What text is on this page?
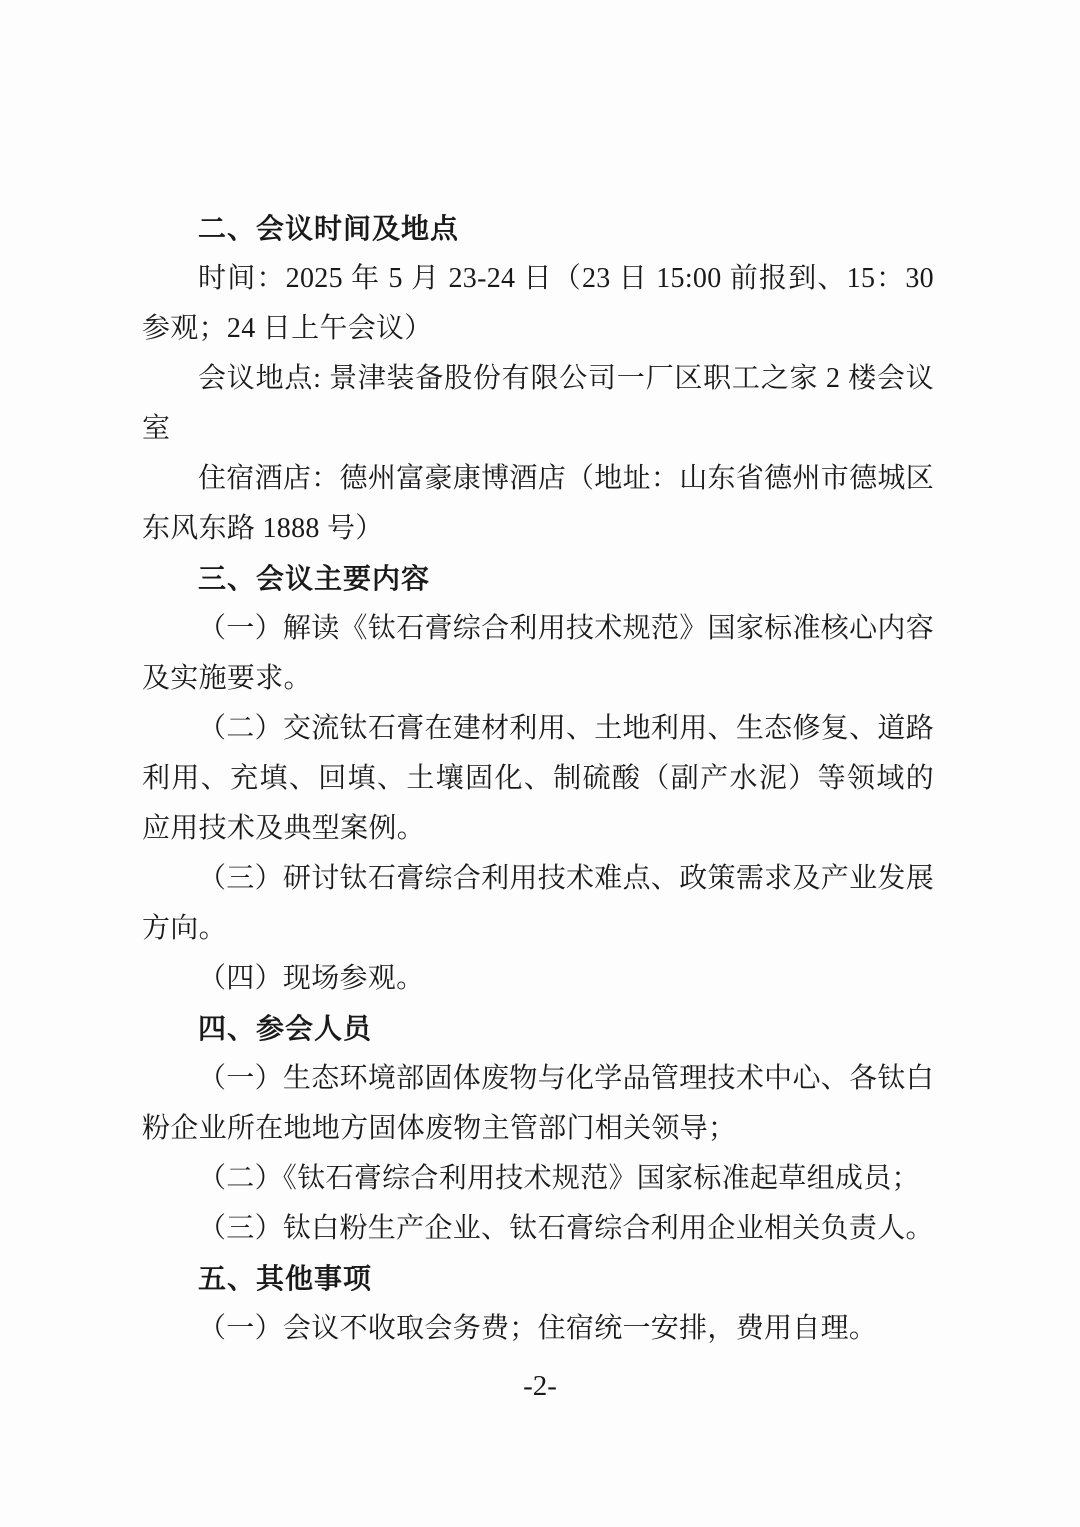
二、会议时间及地点

时间：2025 年 5 月 23-24 日（23 日 15:00 前报到、15：30 参观；24 日上午会议）

会议地点: 景津装备股份有限公司一厂区职工之家 2 楼会议室

住宿酒店：德州富豪康博酒店（地址：山东省德州市德城区东风东路 1888 号）

三、会议主要内容

（一）解读《钛石膏综合利用技术规范》国家标准核心内容及实施要求。

（二）交流钛石膏在建材利用、土地利用、生态修复、道路利用、充填、回填、土壤固化、制硫酸（副产水泥）等领域的应用技术及典型案例。

（三）研讨钛石膏综合利用技术难点、政策需求及产业发展方向。

（四）现场参观。

四、参会人员

（一）生态环境部固体废物与化学品管理技术中心、各钛白粉企业所在地地方固体废物主管部门相关领导；

（二）《钛石膏综合利用技术规范》国家标准起草组成员；

（三）钛白粉生产企业、钛石膏综合利用企业相关负责人。

五、其他事项

（一）会议不收取会务费；住宿统一安排，费用自理。

-2-
